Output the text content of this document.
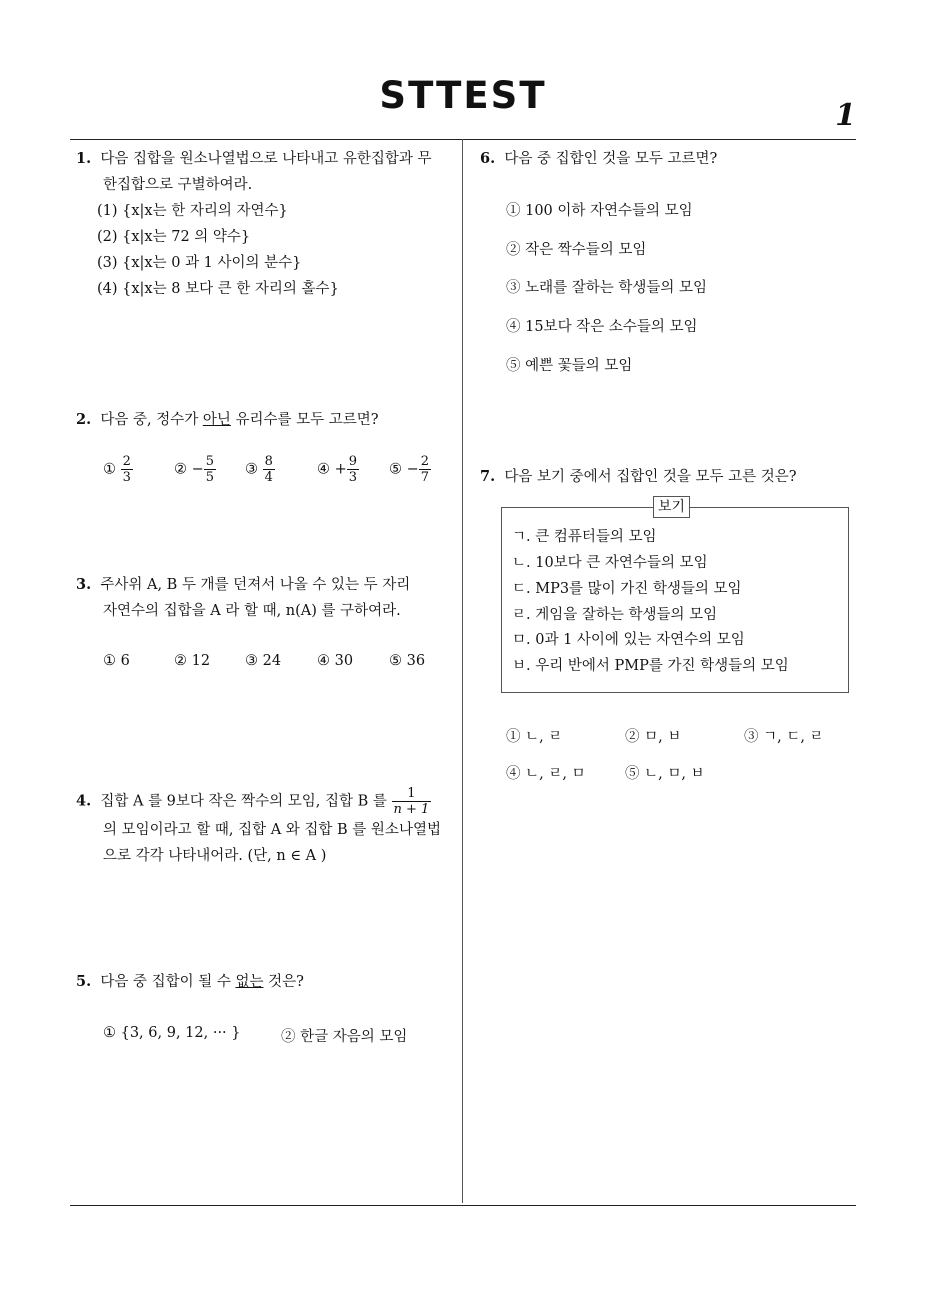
STTEST	1
1. 다음 집합을 원소나열법으로 나타내고 유한집합과 무
한집합으로 구별하여라.
(1) {x|x는 한 자리의 자연수}
(2) {x|x는 72 의 약수}
(3) {x|x는 0 과 1 사이의 분수}
(4) {x|x는 8 보다 큰 한 자리의 홀수}
2. 다음 중, 정수가 아닌 유리수를 모두 고르면?
① $\frac{2}{3}$	② − $\frac{5}{5}$ ③ $\frac{8}{4}$	④ + $\frac{9}{3}$ ⑤ − $\frac{2}{7}$
3. 주사위 A, B 두 개를 던져서 나올 수 있는 두 자리
자연수의 집합을 A 라 할 때, n(A) 를 구하여라.
① 6	② 12 ③ 24 ④ 30 ⑤ 36
4. 집합 A 를 9보다 작은 짝수의 모임, 집합 B 를 $\frac{1}{n + 1}$
의 모임이라고 할 때, 집합 A 와 집합 B 를 원소나열법
으로 각각 나타내어라. (단, n ∈ A )
5. 다음 중 집합이 될 수 없는 것은?
① {3, 6, 9, 12, ··· }	② 한글 자음의 모임
6. 다음 중 집합인 것을 모두 고르면?
① 100 이하 자연수들의 모임
② 작은 짝수들의 모임
③ 노래를 잘하는 학생들의 모임
④ 15보다 작은 소수들의 모임
⑤ 예쁜 꽃들의 모임
7. 다음 보기 중에서 집합인 것을 모두 고른 것은?
보기
ㄱ. 큰 컴퓨터들의 모임
ㄴ. 10보다 큰 자연수들의 모임
ㄷ. MP3를 많이 가진 학생들의 모임
ㄹ. 게임을 잘하는 학생들의 모임
ㅁ. 0과 1 사이에 있는 자연수의 모임
ㅂ. 우리 반에서 PMP를 가진 학생들의 모임
① ㄴ, ㄹ	② ㅁ, ㅂ	③ ㄱ, ㄷ, ㄹ
④ ㄴ, ㄹ, ㅁ	⑤ ㄴ, ㅁ, ㅂ
